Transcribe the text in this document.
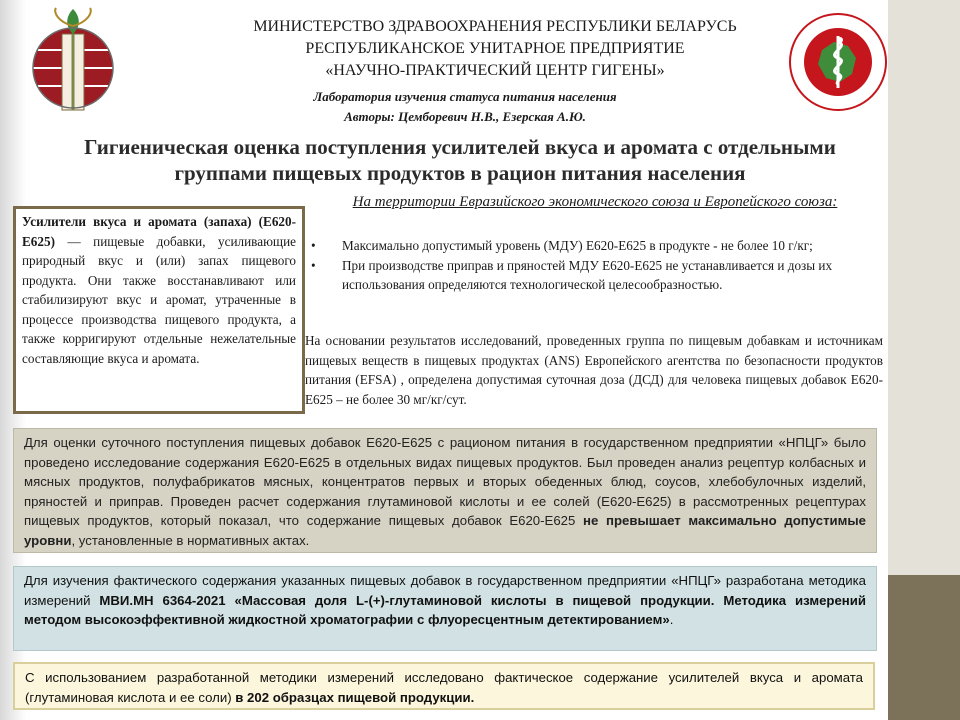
МИНИСТЕРСТВО ЗДРАВООХРАНЕНИЯ РЕСПУБЛИКИ БЕЛАРУСЬ
РЕСПУБЛИКАНСКОЕ УНИТАРНОЕ ПРЕДПРИЯТИЕ
«НАУЧНО-ПРАКТИЧЕСКИЙ ЦЕНТР ГИГЕНЫ»
Лаборатория изучения статуса питания населения
Авторы: Цемборевич Н.В., Езерская А.Ю.
Гигиеническая оценка поступления усилителей вкуса и аромата с отдельными группами пищевых продуктов в рацион питания населения
Усилители вкуса и аромата (запаха) (Е620-Е625) — пищевые добавки, усиливающие природный вкус и (или) запах пищевого продукта. Они также восстанавливают или стабилизируют вкус и аромат, утраченные в процессе производства пищевого продукта, а также корригируют отдельные нежелательные составляющие вкуса и аромата.
На территории Евразийского экономического союза и Европейского союза:
• Максимально допустимый уровень (МДУ) Е620-Е625 в продукте - не более 10 г/кг;
• При производстве приправ и пряностей МДУ Е620-Е625 не устанавливается и дозы их использования определяются технологической целесообразностью.
На основании результатов исследований, проведенных группа по пищевым добавкам и источникам пищевых веществ в пищевых продуктах (ANS) Европейского агентства по безопасности продуктов питания (EFSA) , определена допустимая суточная доза (ДСД) для человека пищевых добавок Е620-Е625 – не более 30 мг/кг/сут.
Для оценки суточного поступления пищевых добавок Е620-Е625 с рационом питания в государственном предприятии «НПЦГ» было проведено исследование содержания Е620-Е625 в отдельных видах пищевых продуктов. Был проведен анализ рецептур колбасных и мясных продуктов, полуфабрикатов мясных, концентратов первых и вторых обеденных блюд, соусов, хлебобулочных изделий, пряностей и приправ. Проведен расчет содержания глутаминовой кислоты и ее солей (Е620-Е625) в рассмотренных рецептурах пищевых продуктов, который показал, что содержание пищевых добавок Е620-Е625 не превышает максимально допустимые уровни, установленные в нормативных актах.
Для изучения фактического содержания указанных пищевых добавок в государственном предприятии «НПЦГ» разработана методика измерений МВИ.МН 6364-2021 «Массовая доля L-(+)-глутаминовой кислоты в пищевой продукции. Методика измерений методом высокоэффективной жидкостной хроматографии с флуоресцентным детектированием».
С использованием разработанной методики измерений исследовано фактическое содержание усилителей вкуса и аромата (глутаминовая кислота и ее соли) в 202 образцах пищевой продукции.
